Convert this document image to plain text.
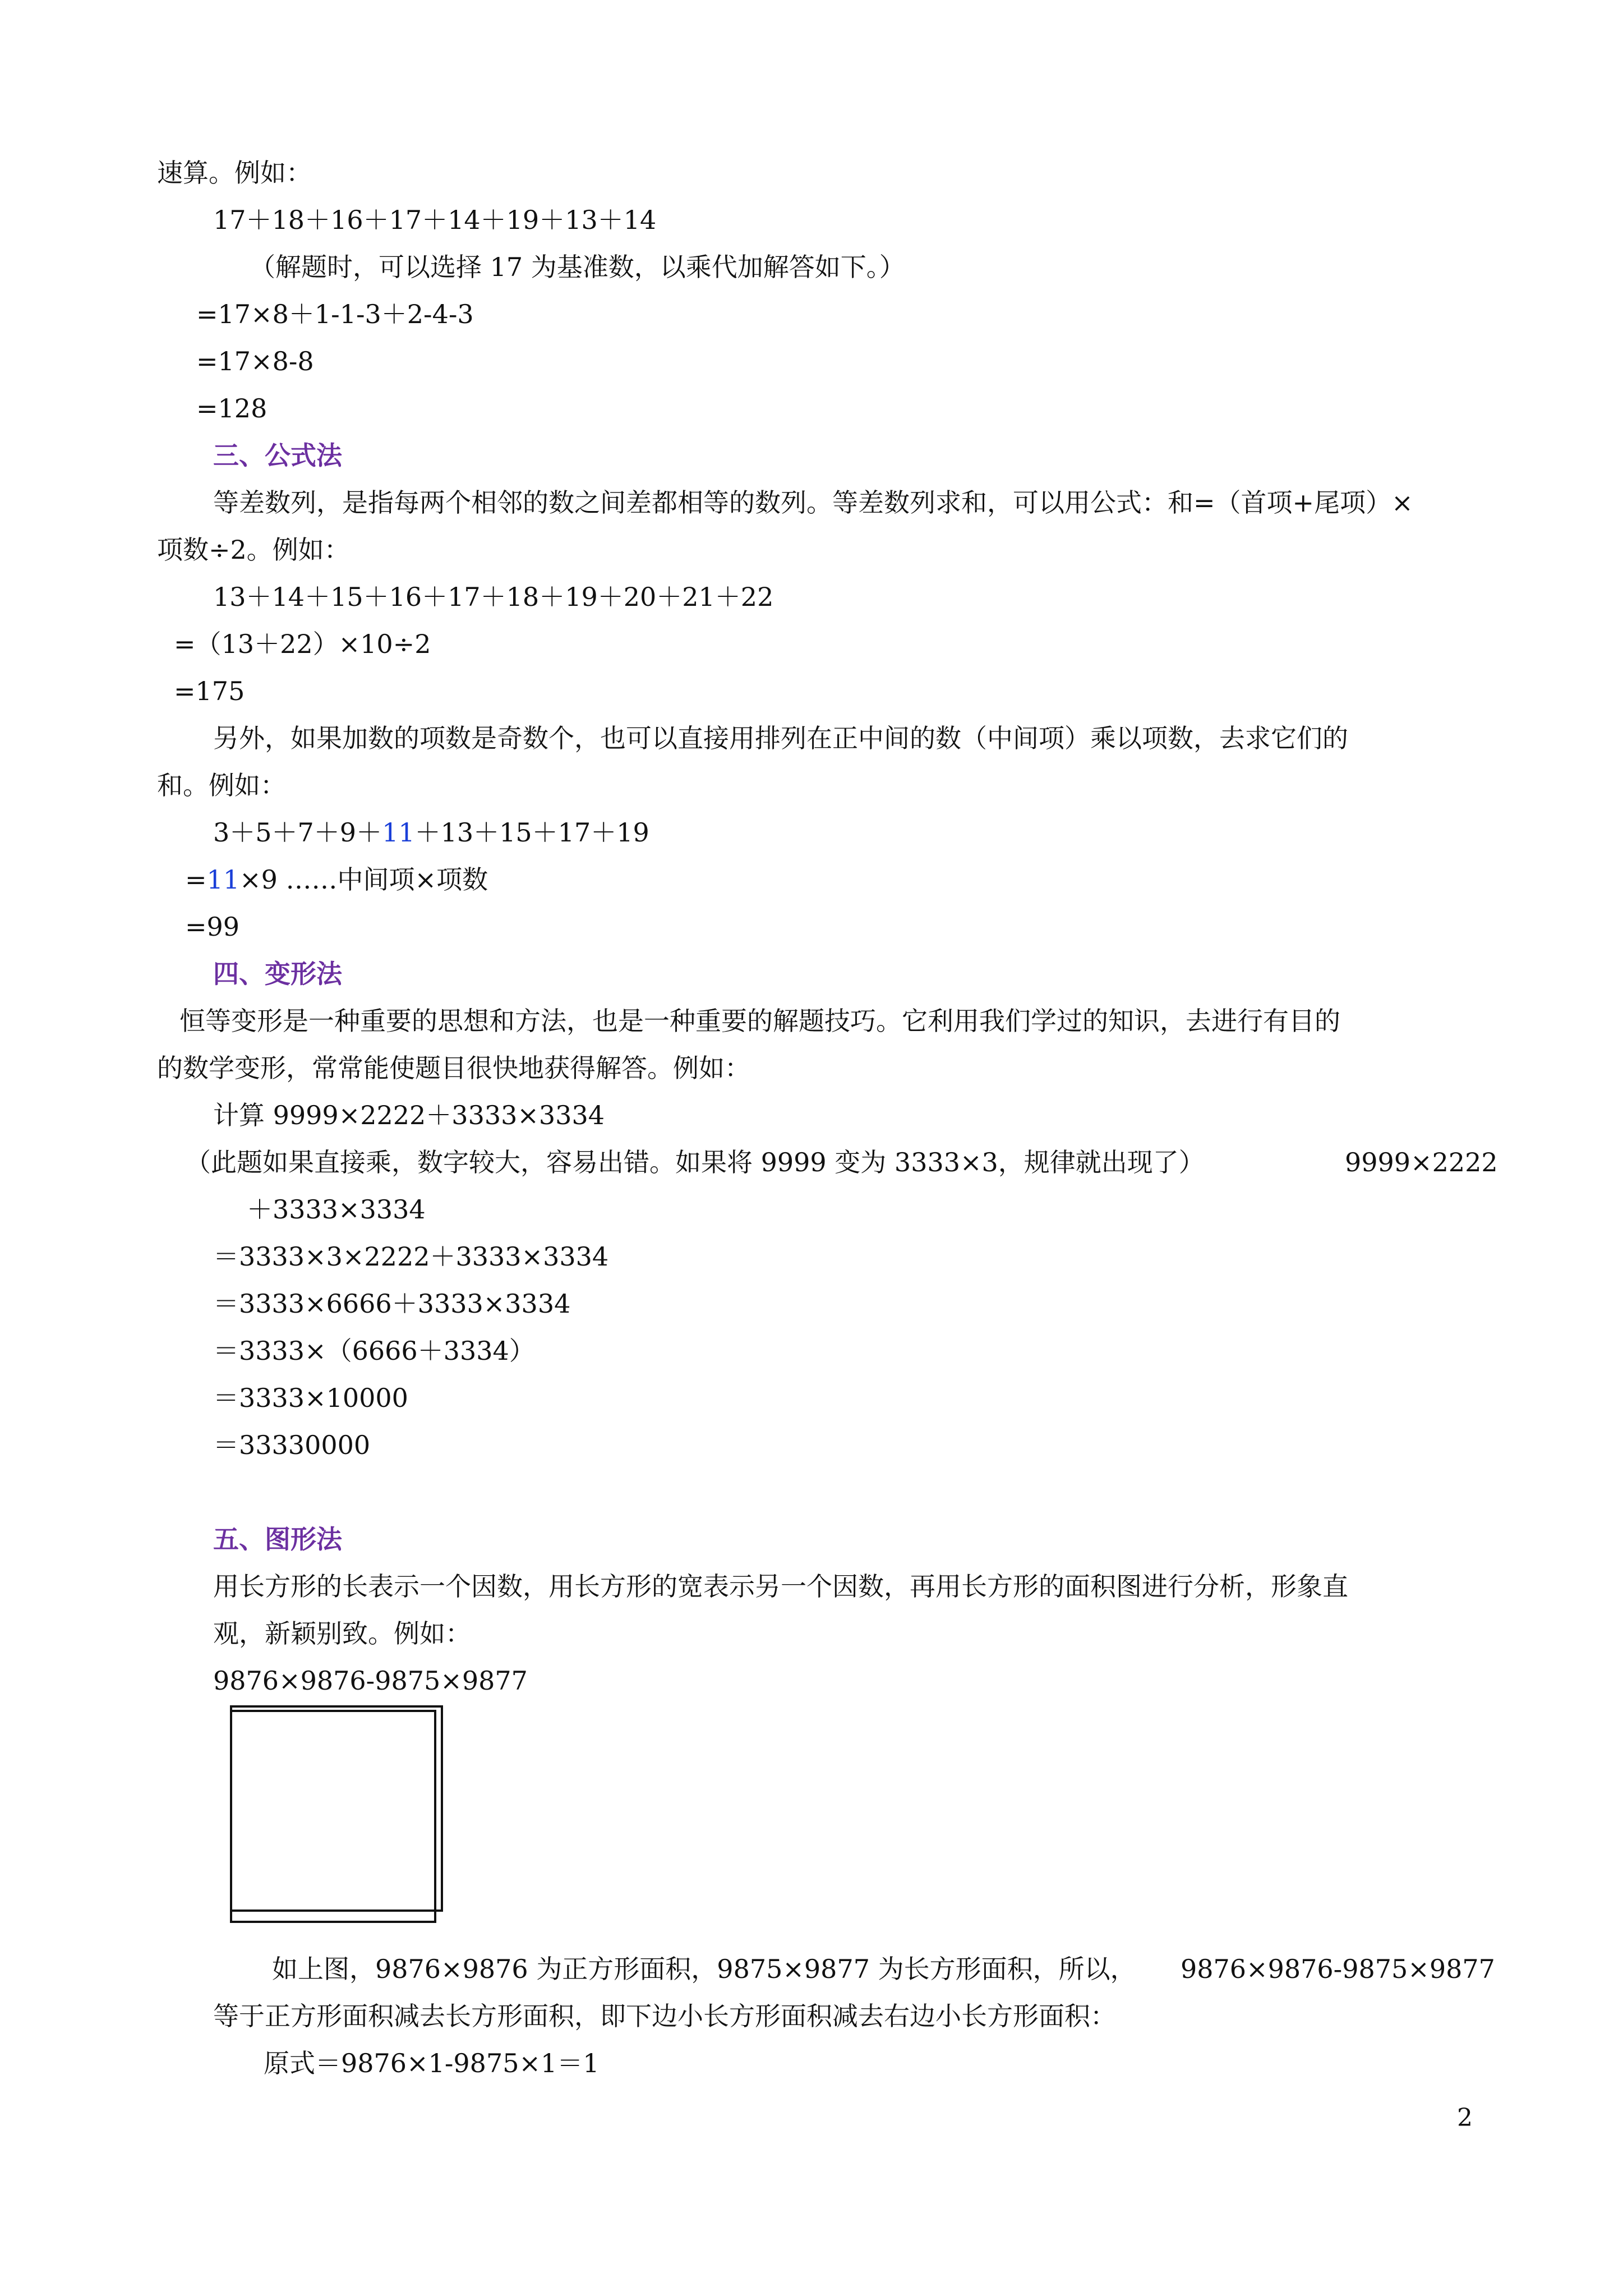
速算。例如：
17＋18＋16＋17＋14＋19＋13＋14
（解题时，可以选择 17 为基准数，以乘代加解答如下。）
=17×8＋1-1-3＋2-4-3
=17×8-8
=128
三、公式法
等差数列，是指每两个相邻的数之间差都相等的数列。等差数列求和，可以用公式：和=（首项+尾项）×
项数÷2。例如：
13＋14＋15＋16＋17＋18＋19＋20＋21＋22
=（13＋22）×10÷2
=175
另外，如果加数的项数是奇数个，也可以直接用排列在正中间的数（中间项）乘以项数，去求它们的
和。例如：
3＋5＋7＋9＋11＋13＋15＋17＋19
=11×9 ……中间项×项数
=99
四、变形法
恒等变形是一种重要的思想和方法，也是一种重要的解题技巧。它利用我们学过的知识，去进行有目的
的数学变形，常常能使题目很快地获得解答。例如：
计算 9999×2222＋3333×3334
（此题如果直接乘，数字较大，容易出错。如果将 9999 变为 3333×3，规律就出现了）	9999×2222
＋3333×3334
＝3333×3×2222＋3333×3334
＝3333×6666＋3333×3334
＝3333×（6666＋3334）
＝3333×10000
＝33330000
五、图形法
用长方形的长表示一个因数，用长方形的宽表示另一个因数，再用长方形的面积图进行分析，形象直
观，新颖别致。例如：
9876×9876-9875×9877
如上图，9876×9876 为正方形面积，9875×9877 为长方形面积，所以， 9876×9876-9875×9877
等于正方形面积减去长方形面积，即下边小长方形面积减去右边小长方形面积：
原式＝9876×1-9875×1＝1
2
